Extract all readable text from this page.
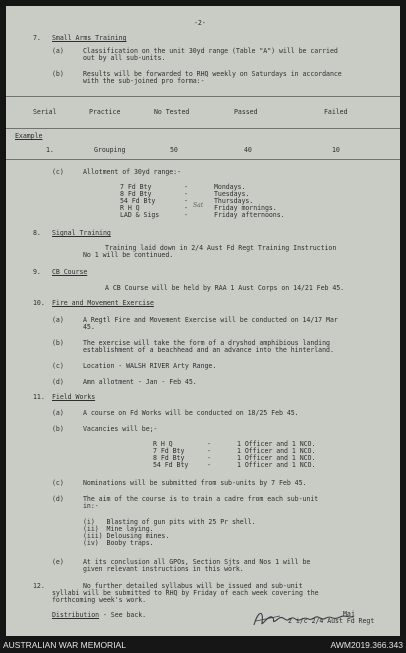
-2-
7. Small Arms Training
(a)	Classification on the unit 30yd range (Table "A") will be carried
out by all sub-units.
(b)	Results will be forwarded to RHQ weekly on Saturdays in accordance
with the sub-joined pro forma:-
Serial	Practice	No Tested	Passed	Failed
Example
1.	Grouping	50	40	10
(c)	Allotment of 30yd range:-
7 Fd Bty	-	Mondays.
8 Fd Bty	-	Tuesdays.
54 Fd Bty	-	Thursdays.
R H Q	-	Friday mornings.
LAD & Sigs	-	Friday afternoons.
Sat
8. Signal Training
Training laid down in 2/4 Aust Fd Regt Training Instruction
No 1 will be continued.
9. CB Course
A CB Course will be held by RAA 1 Aust Corps on 14/21 Feb 45.
10. Fire and Movement Exercise
(a)	A Regtl Fire and Movement Exercise will be conducted on 14/17 Mar
45.
(b)	The exercise will take the form of a dryshod amphibious landing
establishment of a beachhead and an advance into the hinterland.
(c)	Location - WALSH RIVER Arty Range.
(d)	Amn allotment - Jan - Feb 45.
11. Field Works
(a)	A course on Fd Works will be conducted on 18/25 Feb 45.
(b)	Vacancies will be;-
R H Q	-	1 Officer and 1 NCO.
7 Fd Bty	-	1 Officer and 1 NCO.
8 Fd Bty	-	1 Officer and 1 NCO.
54 Fd Bty	-	1 Officer and 1 NCO.
(c)	Nominations will be submitted from sub-units by 7 Feb 45.
(d)	The aim of the course is to train a cadre from each sub-unit
in:-
(i)   Blasting of gun pits with 25 Pr shell.
(ii)  Mine laying.
(iii) Delousing mines.
(iv)  Booby traps.
(e)	At its conclusion all GPOs, Section Sjts and Nos 1 will be
given relevant instructions in this work.
12.	No further detailed syllabus will be issued and sub-unit
syllabi will be submitted to RHQ by Friday of each week covering the
forthcoming week's work.
Distribution - See back.	Maj
2 i/c 2/4 Aust Fd Regt
AUSTRALIAN WAR MEMORIAL	AWM2019.366.343
